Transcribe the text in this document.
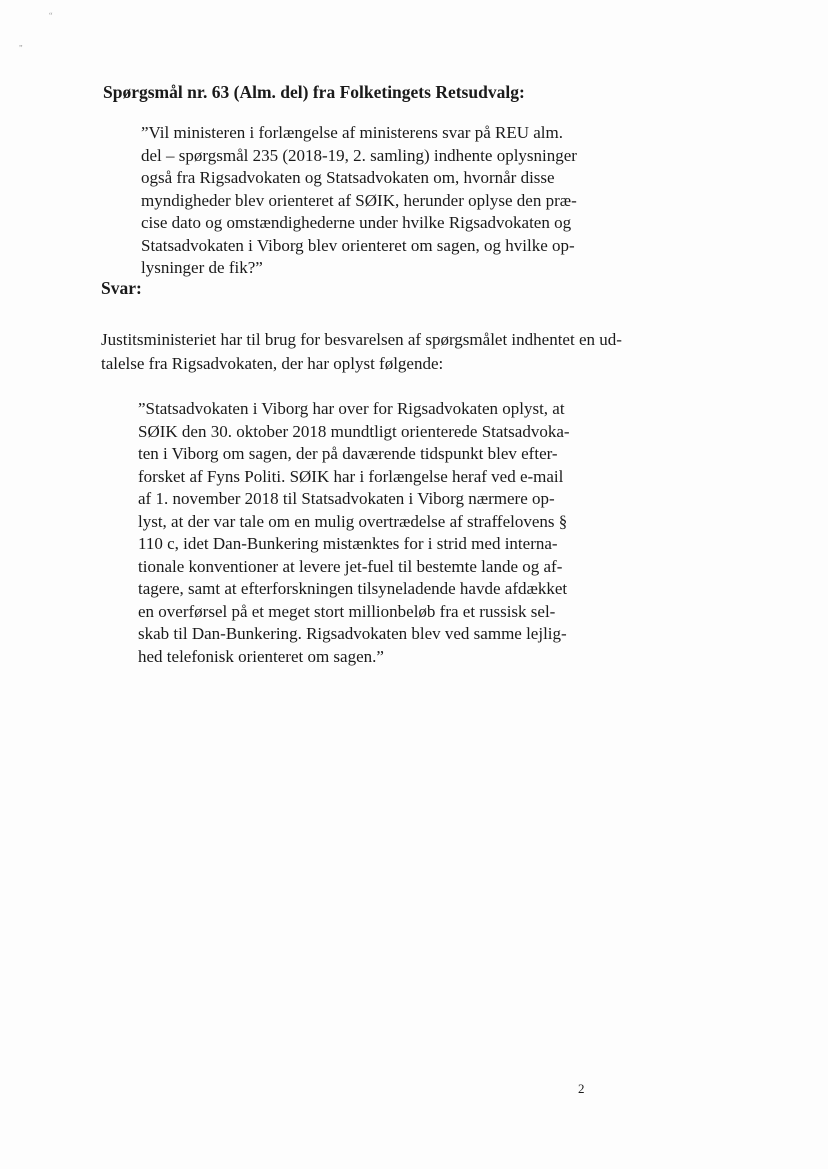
“
„
Spørgsmål nr. 63 (Alm. del) fra Folketingets Retsudvalg:
”Vil ministeren i forlængelse af ministerens svar på REU alm.
del – spørgsmål 235 (2018-19, 2. samling) indhente oplysninger
også fra Rigsadvokaten og Statsadvokaten om, hvornår disse
myndigheder blev orienteret af SØIK, herunder oplyse den præ-
cise dato og omstændighederne under hvilke Rigsadvokaten og
Statsadvokaten i Viborg blev orienteret om sagen, og hvilke op-
lysninger de fik?”
Svar:
Justitsministeriet har til brug for besvarelsen af spørgsmålet indhentet en ud-
talelse fra Rigsadvokaten, der har oplyst følgende:
”Statsadvokaten i Viborg har over for Rigsadvokaten oplyst, at
SØIK den 30. oktober 2018 mundtligt orienterede Statsadvoka-
ten i Viborg om sagen, der på daværende tidspunkt blev efter-
forsket af Fyns Politi. SØIK har i forlængelse heraf ved e-mail
af 1. november 2018 til Statsadvokaten i Viborg nærmere op-
lyst, at der var tale om en mulig overtrædelse af straffelovens §
110 c, idet Dan-Bunkering mistænktes for i strid med interna-
tionale konventioner at levere jet-fuel til bestemte lande og af-
tagere, samt at efterforskningen tilsyneladende havde afdækket
en overførsel på et meget stort millionbeløb fra et russisk sel-
skab til Dan-Bunkering. Rigsadvokaten blev ved samme lejlig-
hed telefonisk orienteret om sagen.”
2
